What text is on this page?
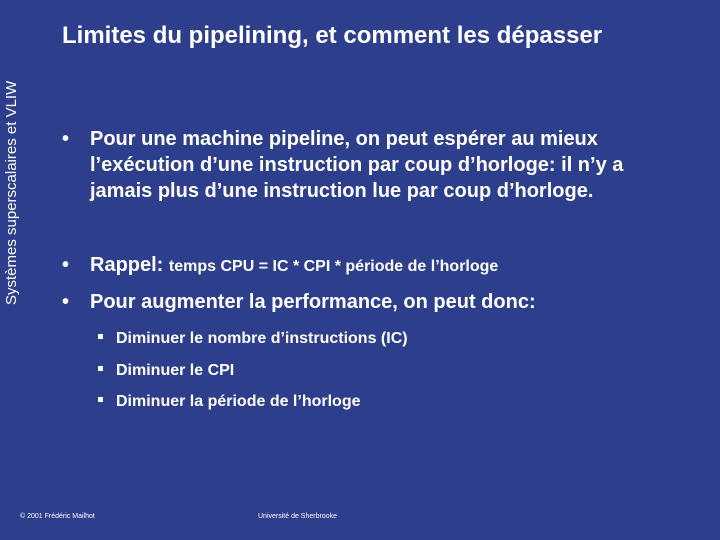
Systèmes superscalaires et VLIW
Limites du pipelining, et comment les dépasser
•	Pour une machine pipeline, on peut espérer au mieux l’exécution d’une instruction par coup d’horloge: il n’y a jamais plus d’une instruction lue par coup d’horloge.
•	Rappel: temps CPU = IC * CPI * période de l’horloge
•	Pour augmenter la performance, on peut donc:
Diminuer le nombre d’instructions (IC)
Diminuer le CPI
Diminuer la période de l’horloge
© 2001 Frédéric Mailhot	Université de Sherbrooke
